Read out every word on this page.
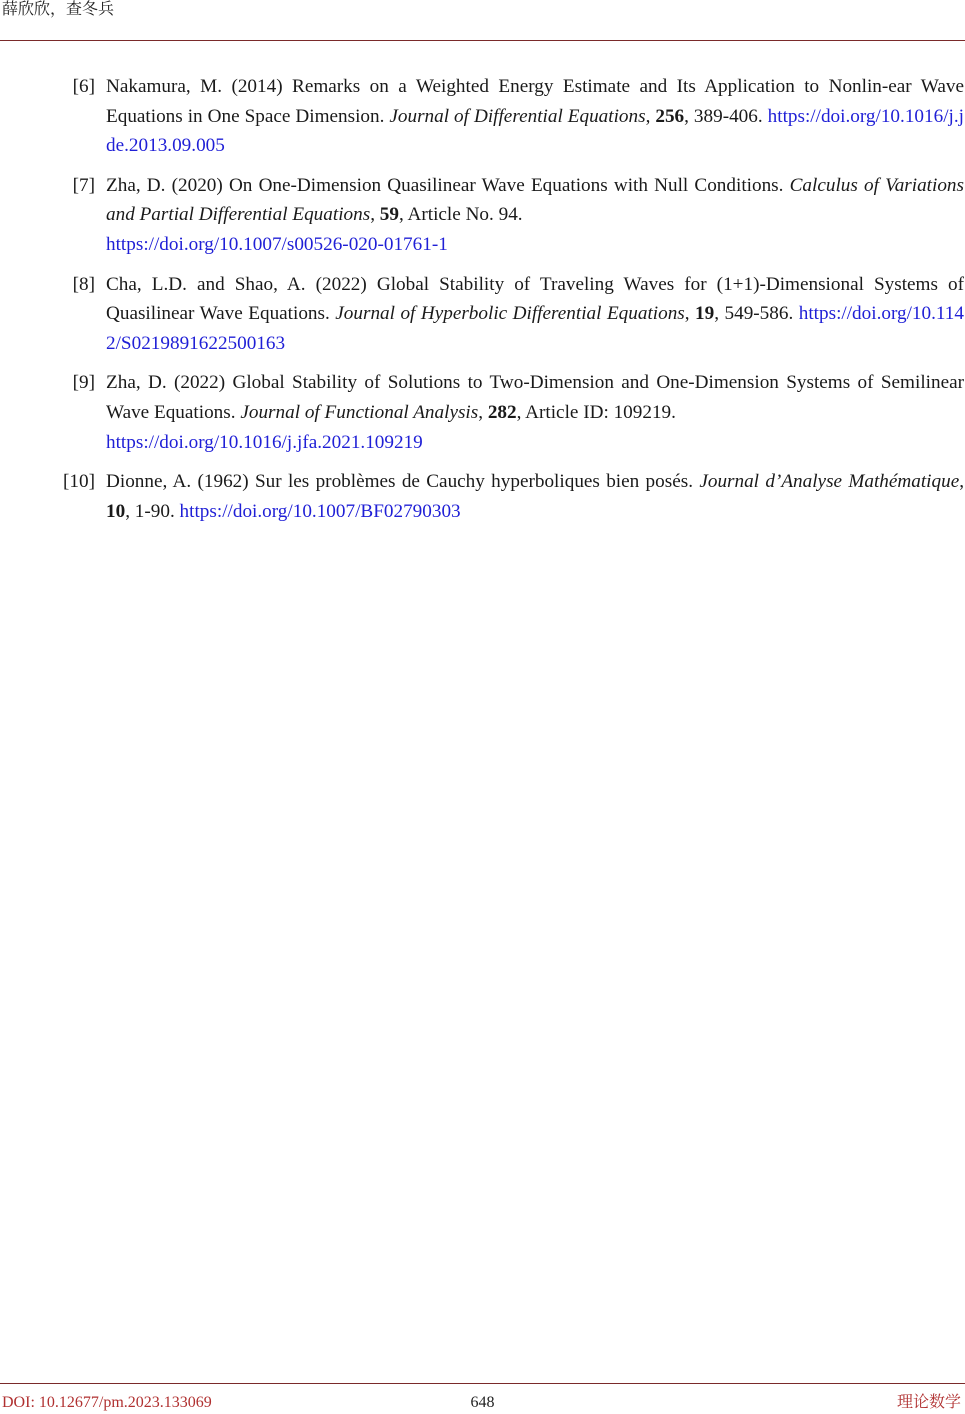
薛欣欣，查冬兵
[6] Nakamura, M. (2014) Remarks on a Weighted Energy Estimate and Its Application to Nonlin-ear Wave Equations in One Space Dimension. Journal of Differential Equations, 256, 389-406. https://doi.org/10.1016/j.jde.2013.09.005
[7] Zha, D. (2020) On One-Dimension Quasilinear Wave Equations with Null Conditions. Calculus of Variations and Partial Differential Equations, 59, Article No. 94.
https://doi.org/10.1007/s00526-020-01761-1
[8] Cha, L.D. and Shao, A. (2022) Global Stability of Traveling Waves for (1+1)-Dimensional Systems of Quasilinear Wave Equations. Journal of Hyperbolic Differential Equations, 19, 549-586. https://doi.org/10.1142/S0219891622500163
[9] Zha, D. (2022) Global Stability of Solutions to Two-Dimension and One-Dimension Systems of Semilinear Wave Equations. Journal of Functional Analysis, 282, Article ID: 109219.
https://doi.org/10.1016/j.jfa.2021.109219
[10] Dionne, A. (1962) Sur les problèmes de Cauchy hyperboliques bien posés. Journal d’Analyse Mathématique, 10, 1-90. https://doi.org/10.1007/BF02790303
648
DOI: 10.12677/pm.2023.133069	理论数学
